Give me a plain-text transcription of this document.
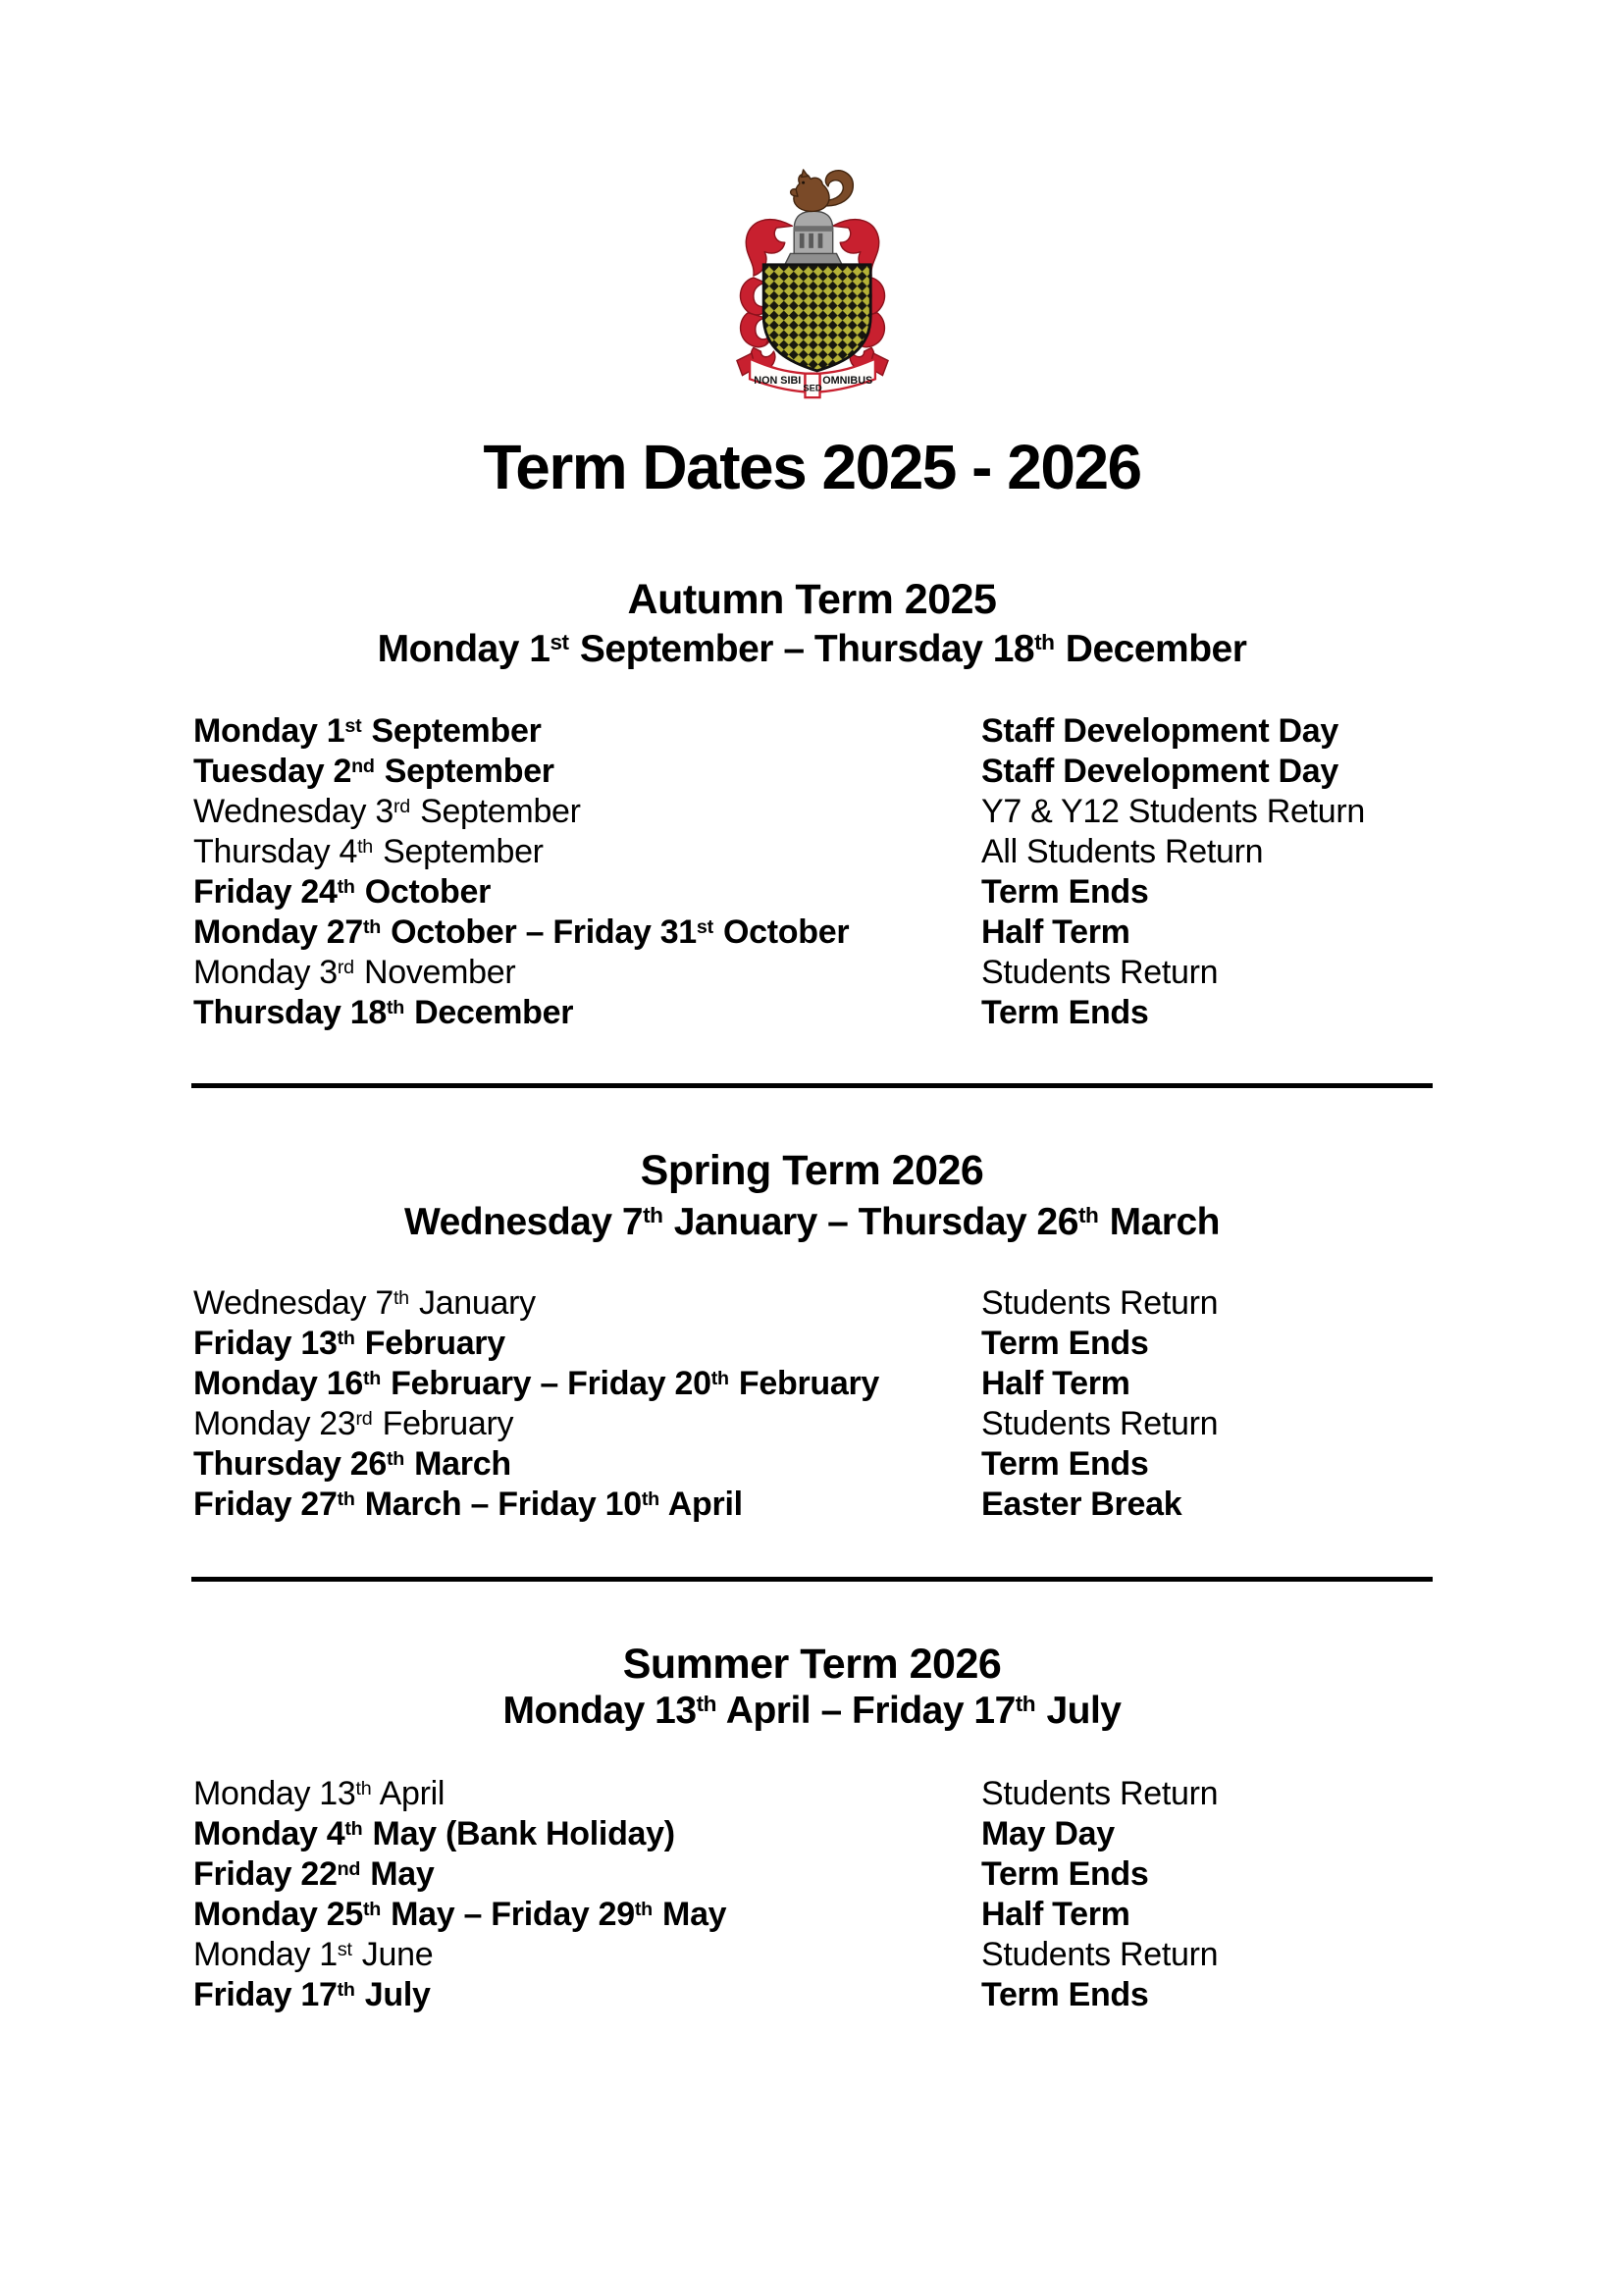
NON SIBI
SED
OMNIBUS
Term Dates 2025 - 2026
Autumn Term 2025
Monday 1st September – Thursday 18th December
Monday 1st September	Staff Development Day
Tuesday 2nd September	Staff Development Day
Wednesday 3rd September	Y7 & Y12 Students Return
Thursday 4th September	All Students Return
Friday 24th October	Term Ends
Monday 27th October – Friday 31st October	Half Term
Monday 3rd November	Students Return
Thursday 18th December	Term Ends
Spring Term 2026
Wednesday 7th January – Thursday 26th March
Wednesday 7th January	Students Return
Friday 13th February	Term Ends
Monday 16th February – Friday 20th February	Half Term
Monday 23rd February	Students Return
Thursday 26th March	Term Ends
Friday 27th March – Friday 10th April	Easter Break
Summer Term 2026
Monday 13th April – Friday 17th July
Monday 13th April	Students Return
Monday 4th May (Bank Holiday)	May Day
Friday 22nd May	Term Ends
Monday 25th May – Friday 29th May	Half Term
Monday 1st June	Students Return
Friday 17th July	Term Ends
